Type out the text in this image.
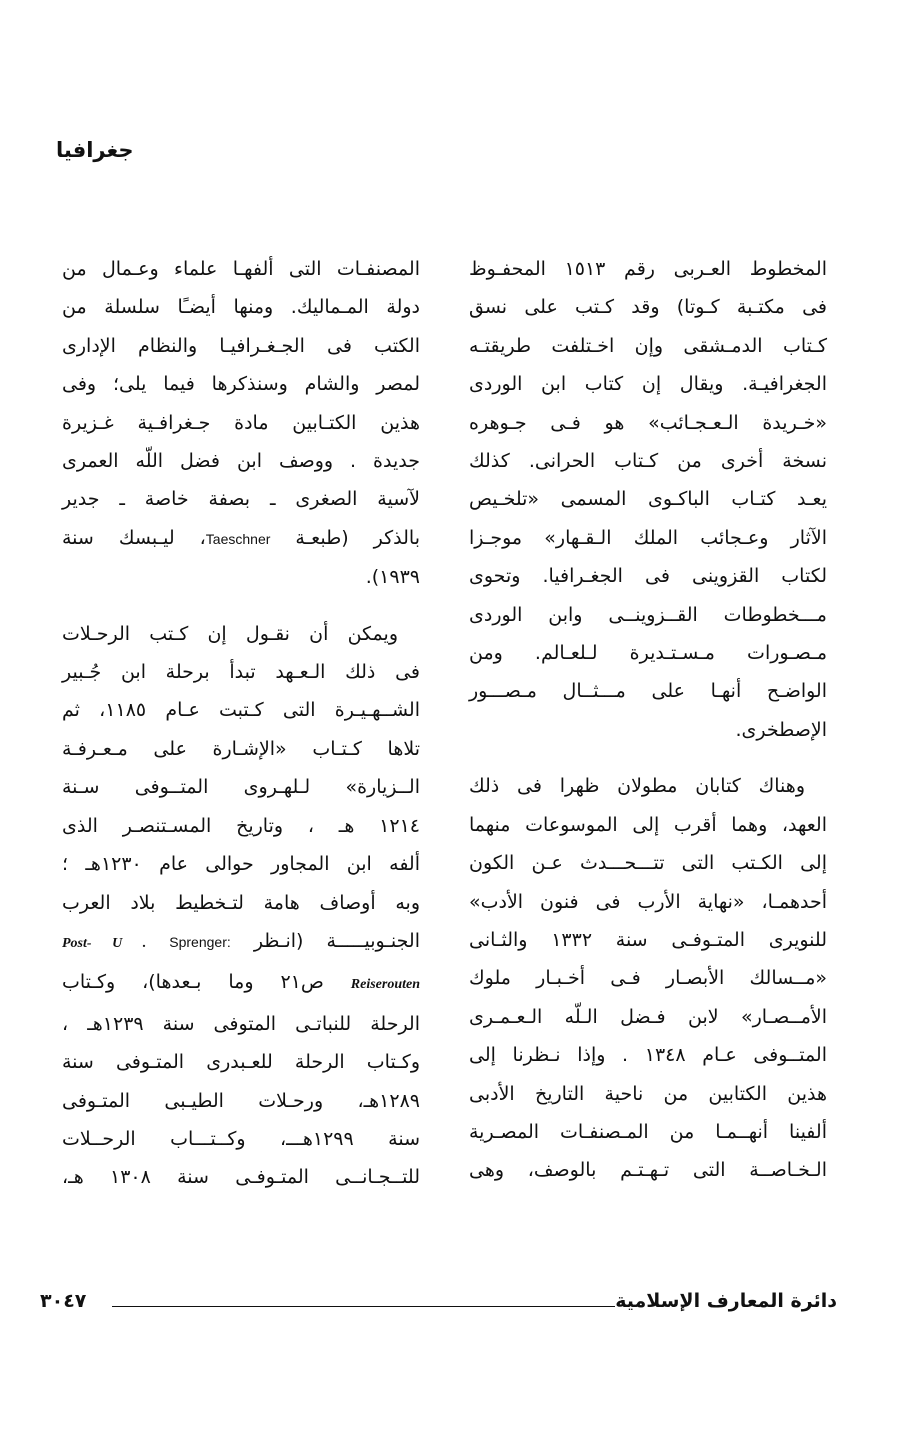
جغرافيا

المخطوط العـربى رقم ١٥١٣ المحفـوظ

فى مكتـبة كـوتا) وقد كـتب على نسق

كـتاب الدمـشقى وإن اخـتلفت طريقتـه

الجغرافيـة. ويقال إن كتاب ابن الوردى

«خـريدة الـعـجـائب» هو فـى جـوهره

نسخة أخرى من كـتاب الحرانى. كذلك

يعـد كتـاب الباكـوى المسمى «تلخـيص

الآثار وعـجائب الملك الـقـهار» موجـزا

لكتاب القزوينى فى الجغـرافيا. وتحوى

مـــخطوطات القــزوينــى وابن الوردى

مـصـورات مـسـتـديرة لـلعـالم. ومن

الواضـح أنهـا على مـــثــال مـصـــور

الإصطخرى.

وهناك كتابان مطولان ظهرا فى ذلك

العهد، وهما أقرب إلى الموسوعات منهما

إلى الكـتب التى تتـــحـــدث عـن الكون

أحدهمـا، «نهاية الأرب فى فنون الأدب»

للنويرى المتـوفـى سنة ١٣٣٢ والثـانى

«مــسالك الأبصـار فـى أخـبـار ملوك

الأمــصـار» لابن فـضل الـلّه الـعـمـرى

المتــوفى عـام ١٣٤٨ . وإذا نـظرنا إلى

هذين الكتابين من ناحية التاريخ الأدبى

ألفينا أنهــمـا من المـصنفـات المصـرية

الـخـاصــة التى تـهـتـم بالوصف، وهى

المصنفـات التى ألفهـا علماء وعـمال من

دولة المـماليك. ومنها أيضـًا سلسلة من

الكتب فى الجـغـرافيـا والنظام الإدارى

لمصر والشام وسنذكرها فيما يلى؛ وفى

هذين الكتـابين مادة جـغرافـية غـزيرة

جديدة . ووصف ابن فضل اللّه العمرى

لآسية الصغرى ـ بصفة خاصة ـ جدير

بالذكر (طبعـة Taeschner، ليـبسك سنة

١٩٣٩).

ويمكن أن نقـول إن كـتب الرحـلات

فى ذلك الـعـهد تبدأ برحلة ابن جُـبير

الشــهـيـرة التى كـتبت عـام ١١٨٥، ثم

تلاها كـتـاب «الإشـارة على مـعـرفـة

الــزيارة» لـلهـروى المتــوفى سـنة

١٢١٤ هـ ، وتاريخ المسـتنصـر الذى

ألفه ابن المجاور حوالى عام ١٢٣٠هـ ؛

وبه أوصاف هامة لتـخطيط بلاد العرب

الجنـوبيـــــة (انـظر Sprenger: Post- U .

Reiserouten ص٢١ وما بـعدها)، وكـتاب

الرحلة للنباتـى المتوفى سنة ١٢٣٩هـ ،

وكـتاب الرحلة للعـبدرى المتـوفى سنة

١٢٨٩هـ، ورحـلات الطيـبى المتـوفى

سنة ١٢٩٩هـــ، وكــتـــاب الرحــلات

للتــجـانــى المتـوفـى سنة ١٣٠٨ هـ،

دائرة المعارف الإسلامية
٣٠٤٧
